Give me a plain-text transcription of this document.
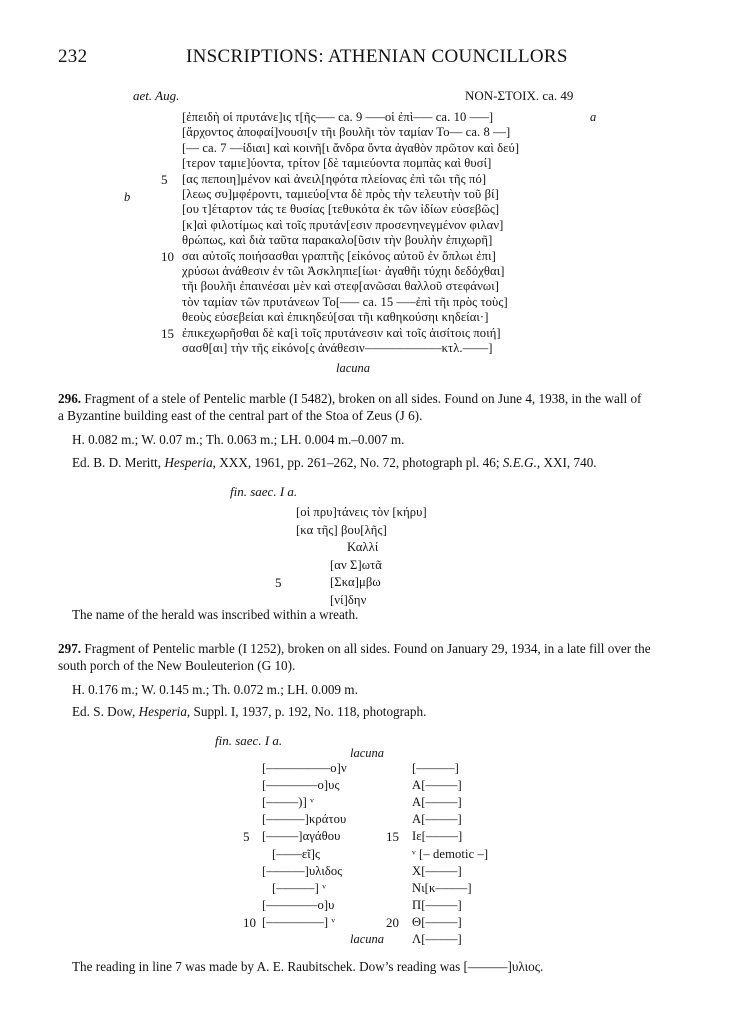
232	INSCRIPTIONS: ATHENIAN COUNCILLORS
aet. Aug.	NON-ΣTOIX. ca. 49
a
b
[ἐπειδὴ οἱ πρυτάνε]ις τ[ῆς––– ca. 9 –––οἱ ἐπὶ––– ca. 10 –––]
[ἄρχοντος ἀποφαί]νουσι[ν τῆι βουλῆι τὸν ταμίαν Το–– ca. 8 ––]
[–– ca. 7 ––ίδιαι] καὶ κοινῆ[ι ἄνδρα ὄντα ἀγαθὸν πρῶτον καὶ δεύ]
[τερον ταμιε]ύοντα, τρίτον [δὲ ταμιεύοντα πομπὰς καὶ θυσί]
5 [ας πεποιη]μένον καὶ ἀνειλ[ηφότα πλείονας ἐπὶ τῶι τῆς πό]
[λεως συ]μφέροντι, ταμιεύο[ντα δὲ πρὸς τὴν τελευτὴν τοῦ βί]
[ου τ]έταρτον τάς τε θυσίας [τεθυκότα ἐκ τῶν ἰδίων εὐσεβῶς]
[κ]αὶ φιλοτίμως καὶ τοῖς πρυτάν[εσιν προσενηνεγμένον φιλαν]
θρώπως, καὶ διὰ ταῦτα παρακαλο[ῦσιν τὴν βουλὴν ἐπιχωρῆ]
10 σαι αὐτοῖς ποιήσασθαι γραπτῆς [εἰκόνος αὐτοῦ ἐν ὅπλωι ἐπι]
χρύσωι ἀνάθεσιν ἐν τῶι Ἀσκληπιε[ίωι· ἀγαθῆι τύχηι δεδόχθαι]
τῆι βουλῆι ἐπαινέσαι μὲν καὶ στεφ[ανῶσαι θαλλοῦ στεφάνωι]
τὸν ταμίαν τῶν πρυτάνεων Το[––– ca. 15 –––ἐπὶ τῆι πρὸς τοὺς]
θεοὺς εὐσεβείαι καὶ ἐπικηδεύ[σαι τῆι καθηκούσηι κηδείαι·]
15 ἐπικεχωρῆσθαι δὲ κα[ὶ τοῖς πρυτάνεσιν καὶ τοῖς ἀισίτοις ποιή]
σασθ[αι] τὴν τῆς εἰκόνο[ς ἀνάθεσιν––––––––––––κτλ.––––]
lacuna
296. Fragment of a stele of Pentelic marble (I 5482), broken on all sides. Found on June 4, 1938, in the wall of
a Byzantine building east of the central part of the Stoa of Zeus (J 6).
H. 0.082 m.; W. 0.07 m.; Th. 0.063 m.; LH. 0.004 m.–0.007 m.
Ed. B. D. Meritt, Hesperia, XXX, 1961, pp. 261–262, No. 72, photograph pl. 46; S.E.G., XXI, 740.
fin. saec. I a.
[οἱ πρυ]τάνεις τὸν [κήρυ]
[κα τῆς] βου[λῆς]
Καλλί
[αν Σ]ωτᾶ
5	[Σκα]μβω
[νί]δην
The name of the herald was inscribed within a wreath.
297. Fragment of Pentelic marble (I 1252), broken on all sides. Found on January 29, 1934, in a late fill over the
south porch of the New Bouleuterion (G 10).
H. 0.176 m.; W. 0.145 m.; Th. 0.072 m.; LH. 0.009 m.
Ed. S. Dow, Hesperia, Suppl. I, 1937, p. 192, No. 118, photograph.
fin. saec. I a.
lacuna
[––––––––––ο]ν
[––––––––ο]υς
[–––––)] ᵛ
[––––––]κράτου
5 [–––––]αγάθου
[––––εῖ]ς
[––––––]υλιδος
[––––––] ᵛ
[––––––––ο]υ
10 [–––––––––] ᵛ
[––––––]
Α[–––––]
Α[–––––]
Α[–––––]
15 Ιε[–––––]
ᵛ [– demotic –]
Χ[–––––]
Νι[κ–––––]
Π[–––––]
20 Θ[–––––]
Λ[–––––]
lacuna
The reading in line 7 was made by A. E. Raubitschek. Dow’s reading was [––––––]υλιος.
